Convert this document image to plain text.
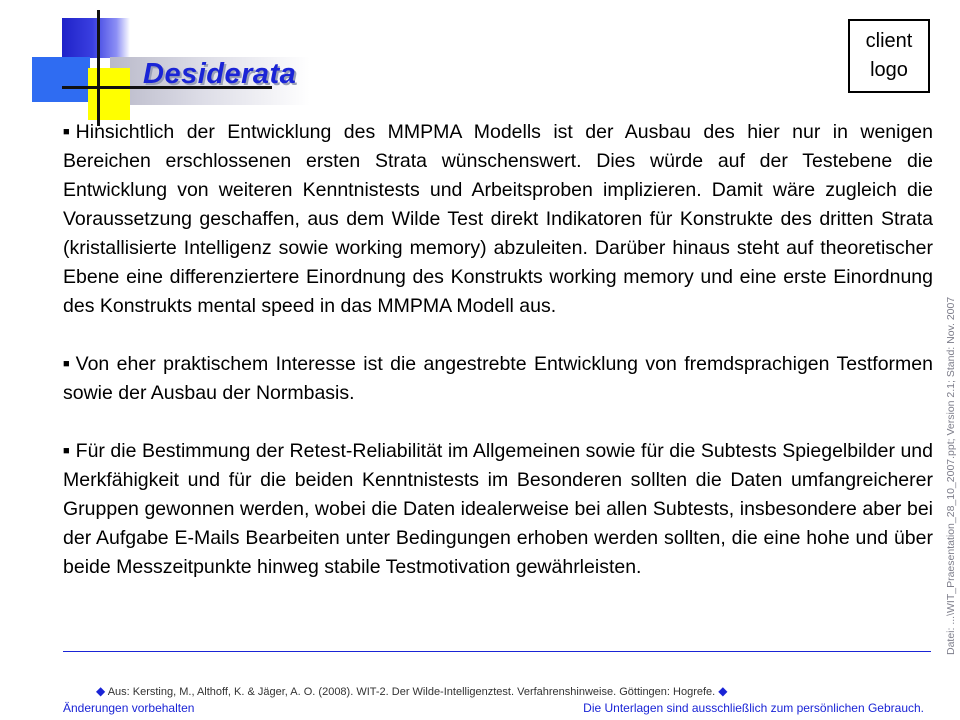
Desiderata
client
logo
Datei: ...\WIT_Praesentation_28_10_2007.ppt; Version 2.1; Stand: Nov. 2007
■ Hinsichtlich der Entwicklung des MMPMA Modells ist der Ausbau des hier nur in wenigen Bereichen erschlossenen ersten Strata wünschenswert. Dies würde auf der Testebene die Entwicklung von weiteren Kenntnistests und Arbeitsproben implizieren. Damit wäre zugleich die Voraussetzung geschaffen, aus dem Wilde Test direkt Indikatoren für Konstrukte des dritten Strata (kristallisierte Intelligenz sowie working memory) abzuleiten. Darüber hinaus steht auf theoretischer Ebene eine differenziertere Einordnung des Konstrukts working memory und eine erste Einordnung des Konstrukts mental speed in das MMPMA Modell aus.
■ Von eher praktischem Interesse ist die angestrebte Entwicklung von fremdsprachigen Testformen sowie der Ausbau der Normbasis.
■ Für die Bestimmung der Retest-Reliabilität im Allgemeinen sowie für die Subtests Spiegelbilder und Merkfähigkeit und für die beiden Kenntnistests im Besonderen sollten die Daten umfangreicherer Gruppen gewonnen werden, wobei die Daten idealerweise bei allen Subtests, insbesondere aber bei der Aufgabe E-Mails Bearbeiten unter Bedingungen erhoben werden sollten, die eine hohe und über beide Messzeitpunkte hinweg stabile Testmotivation gewährleisten.
◆ Aus: Kersting, M., Althoff, K. & Jäger, A. O. (2008). WIT-2. Der Wilde-Intelligenztest. Verfahrenshinweise. Göttingen: Hogrefe. ◆
Änderungen vorbehalten	Die Unterlagen sind ausschließlich zum persönlichen Gebrauch.
